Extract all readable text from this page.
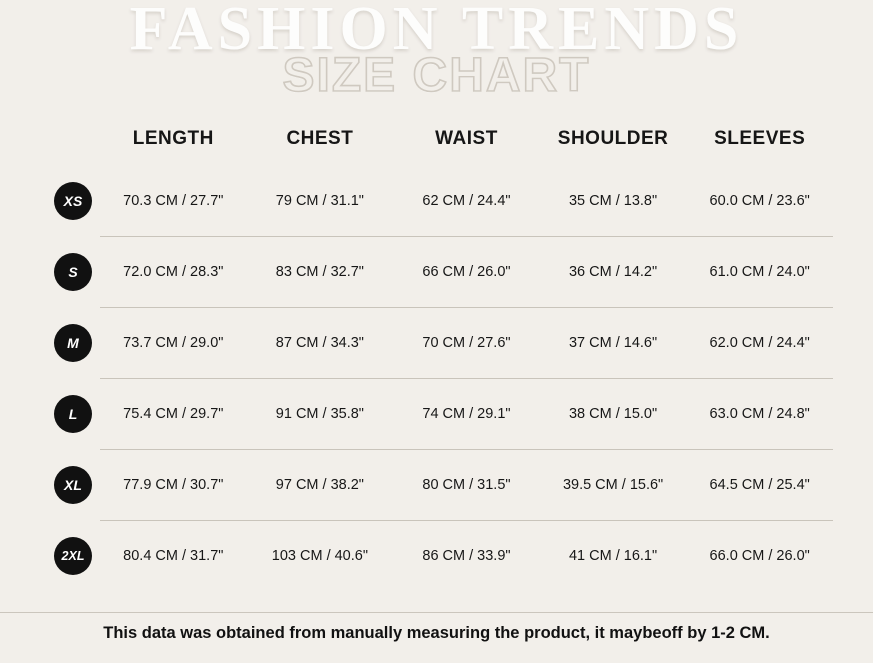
FASHION TRENDS
SIZE CHART
	LENGTH	CHEST	WAIST	SHOULDER	SLEEVES

XS	70.3 CM / 27.7"	79 CM / 31.1"	62 CM / 24.4"	35 CM / 13.8"	60.0 CM / 23.6"

S	72.0 CM / 28.3"	83 CM / 32.7"	66 CM / 26.0"	36 CM / 14.2"	61.0 CM / 24.0"

M	73.7 CM / 29.0"	87 CM / 34.3"	70 CM / 27.6"	37 CM / 14.6"	62.0 CM / 24.4"

L	75.4 CM / 29.7"	91 CM / 35.8"	74 CM / 29.1"	38 CM / 15.0"	63.0 CM / 24.8"

XL	77.9 CM / 30.7"	97 CM / 38.2"	80 CM / 31.5"	39.5 CM / 15.6"	64.5 CM / 25.4"

2XL	80.4 CM / 31.7"	103 CM / 40.6"	86 CM / 33.9"	41 CM / 16.1"	66.0 CM / 26.0"
This data was obtained from manually measuring the product, it maybeoff by 1-2 CM.
